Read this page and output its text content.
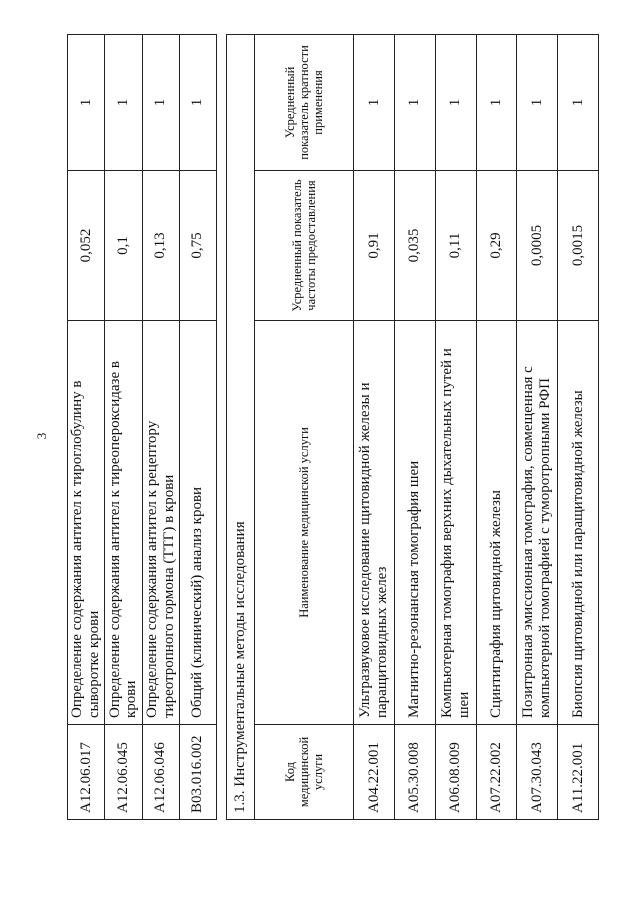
3
A12.06.017	Определение содержания антител к тироглобулину в сыворотке крови	0,052	1
A12.06.045	Определение содержания антител к тиреопероксидазе в крови	0,1	1
A12.06.046	Определение содержания антител к рецептору тиреотропного гормона (ТТГ) в крови	0,13	1
B03.016.002	Общий (клинический) анализ крови	0,75	1
1.3. Инструментальные методы исследования			
Код медицинской услуги	Наименование медицинской услуги	Усредненный показатель частоты предоставления	Усредненный показатель кратности применения
A04.22.001	Ультразвуковое исследование щитовидной железы и паращитовидных желез	0,91	1
A05.30.008	Магнитно-резонансная томография шеи	0,035	1
A06.08.009	Компьютерная томография верхних дыхательных путей и шеи	0,11	1
A07.22.002	Сцинтиграфия щитовидной железы	0,29	1
A07.30.043	Позитронная эмиссионная томография, совмещенная с компьютерной томографией с туморотропными РФП	0,0005	1
A11.22.001	Биопсия щитовидной или паращитовидной железы	0,0015	1
